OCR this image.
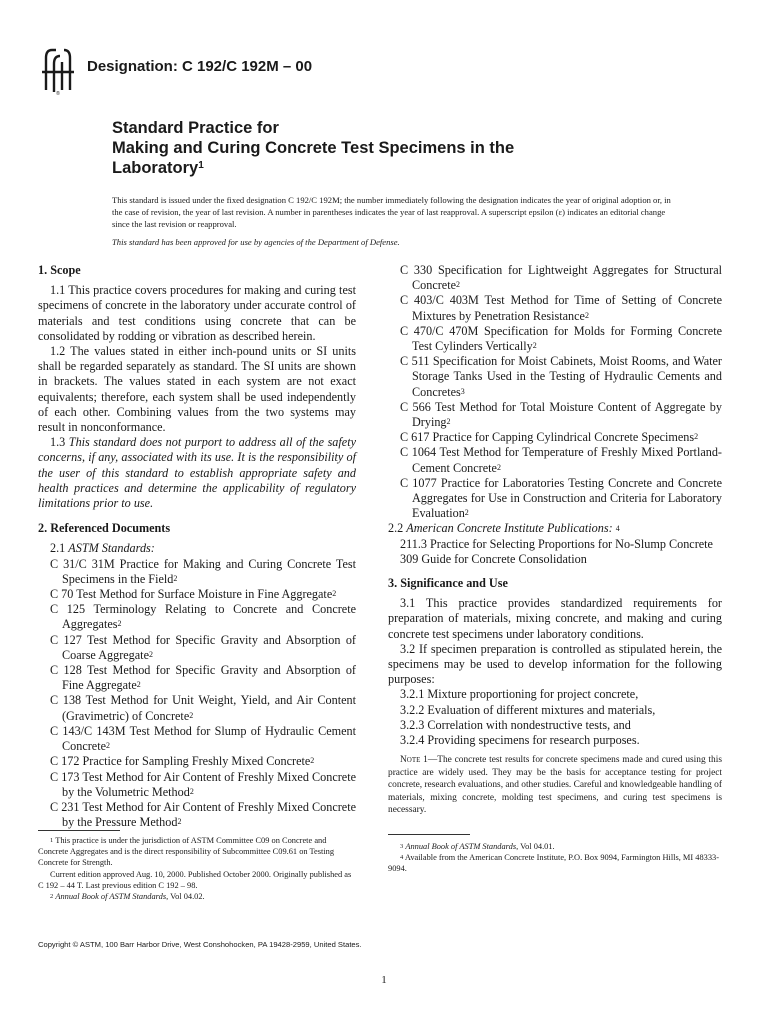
®
Designation: C 192/C 192M – 00
Standard Practice for
Making and Curing Concrete Test Specimens in the
Laboratory$^1$
This standard is issued under the fixed designation C 192/C 192M; the number immediately following the designation indicates the year of original adoption or, in the case of revision, the year of last revision. A number in parentheses indicates the year of last reapproval. A superscript epsilon (ε) indicates an editorial change since the last revision or reapproval.
This standard has been approved for use by agencies of the Department of Defense.
1. Scope

1.1 This practice covers procedures for making and curing test specimens of concrete in the laboratory under accurate control of materials and test conditions using concrete that can be consolidated by rodding or vibration as described herein.

1.2 The values stated in either inch-pound units or SI units shall be regarded separately as standard. The SI units are shown in brackets. The values stated in each system are not exact equivalents; therefore, each system shall be used independently of each other. Combining values from the two systems may result in nonconformance.

1.3 This standard does not purport to address all of the safety concerns, if any, associated with its use. It is the responsibility of the user of this standard to establish appropriate safety and health practices and determine the applicability of regulatory limitations prior to use.

2. Referenced Documents

2.1 ASTM Standards:

C 31/C 31M Practice for Making and Curing Concrete Test Specimens in the Field$^2$

C 70 Test Method for Surface Moisture in Fine Aggregate$^2$

C 125 Terminology Relating to Concrete and Concrete Aggregates$^2$

C 127 Test Method for Specific Gravity and Absorption of Coarse Aggregate$^2$

C 128 Test Method for Specific Gravity and Absorption of Fine Aggregate$^2$

C 138 Test Method for Unit Weight, Yield, and Air Content (Gravimetric) of Concrete$^2$

C 143/C 143M Test Method for Slump of Hydraulic Cement Concrete$^2$

C 172 Practice for Sampling Freshly Mixed Concrete$^2$

C 173 Test Method for Air Content of Freshly Mixed Concrete by the Volumetric Method$^2$

C 231 Test Method for Air Content of Freshly Mixed Concrete by the Pressure Method$^2$

C 330 Specification for Lightweight Aggregates for Structural Concrete$^2$

C 403/C 403M Test Method for Time of Setting of Concrete Mixtures by Penetration Resistance$^2$

C 470/C 470M Specification for Molds for Forming Concrete Test Cylinders Vertically$^2$

C 511 Specification for Moist Cabinets, Moist Rooms, and Water Storage Tanks Used in the Testing of Hydraulic Cements and Concretes$^3$

C 566 Test Method for Total Moisture Content of Aggregate by Drying$^2$

C 617 Practice for Capping Cylindrical Concrete Specimens$^2$

C 1064 Test Method for Temperature of Freshly Mixed Portland-Cement Concrete$^2$

C 1077 Practice for Laboratories Testing Concrete and Concrete Aggregates for Use in Construction and Criteria for Laboratory Evaluation$^2$

2.2 American Concrete Institute Publications: $^4$

211.3 Practice for Selecting Proportions for No-Slump Concrete

309 Guide for Concrete Consolidation

3. Significance and Use

3.1 This practice provides standardized requirements for preparation of materials, mixing concrete, and making and curing concrete test specimens under laboratory conditions.

3.2 If specimen preparation is controlled as stipulated herein, the specimens may be used to develop information for the following purposes:

3.2.1 Mixture proportioning for project concrete,

3.2.2 Evaluation of different mixtures and materials,

3.2.3 Correlation with nondestructive tests, and

3.2.4 Providing specimens for research purposes.

Note 1—The concrete test results for concrete specimens made and cured using this practice are widely used. They may be the basis for acceptance testing for project concrete, research evaluations, and other studies. Careful and knowledgeable handling of materials, mixing concrete, molding test specimens, and curing test specimens is necessary.

$^1$ This practice is under the jurisdiction of ASTM Committee C09 on Concrete and Concrete Aggregates and is the direct responsibility of Subcommittee C09.61 on Testing Concrete for Strength.

Current edition approved Aug. 10, 2000. Published October 2000. Originally published as C 192 – 44 T. Last previous edition C 192 – 98.

$^2$ Annual Book of ASTM Standards, Vol 04.02.

$^3$ Annual Book of ASTM Standards, Vol 04.01.

$^4$ Available from the American Concrete Institute, P.O. Box 9094, Farmington Hills, MI 48333-9094.

Copyright © ASTM, 100 Barr Harbor Drive, West Conshohocken, PA 19428-2959, United States.
1
